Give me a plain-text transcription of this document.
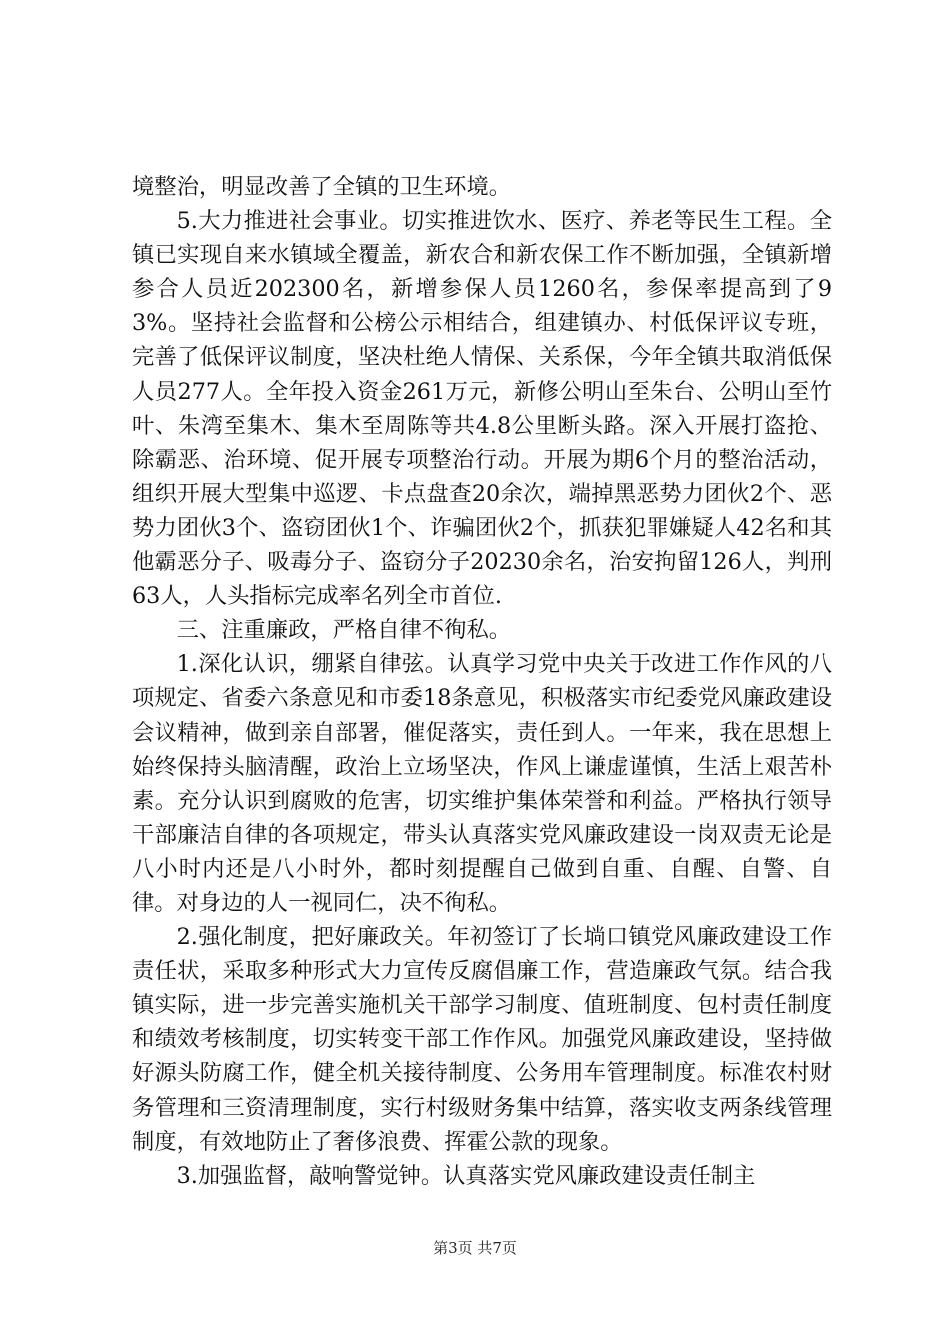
境整治，明显改善了全镇的卫生环境。

5.大力推进社会事业。切实推进饮水、医疗、养老等民生工程。全镇已实现自来水镇域全覆盖，新农合和新农保工作不断加强，全镇新增参合人员近202300名，新增参保人员1260名，参保率提高到了93%。坚持社会监督和公榜公示相结合，组建镇办、村低保评议专班，完善了低保评议制度，坚决杜绝人情保、关系保，今年全镇共取消低保人员277人。全年投入资金261万元，新修公明山至朱台、公明山至竹叶、朱湾至集木、集木至周陈等共4.8公里断头路。深入开展打盗抢、除霸恶、治环境、促开展专项整治行动。开展为期6个月的整治活动，组织开展大型集中巡逻、卡点盘查20余次，端掉黑恶势力团伙2个、恶势力团伙3个、盗窃团伙1个、诈骗团伙2个，抓获犯罪嫌疑人42名和其他霸恶分子、吸毒分子、盗窃分子20230余名，治安拘留126人，判刑63人，人头指标完成率名列全市首位.

三、注重廉政，严格自律不徇私。

1.深化认识，绷紧自律弦。认真学习党中央关于改进工作作风的八项规定、省委六条意见和市委18条意见，积极落实市纪委党风廉政建设会议精神，做到亲自部署，催促落实，责任到人。一年来，我在思想上始终保持头脑清醒，政治上立场坚决，作风上谦虚谨慎，生活上艰苦朴素。充分认识到腐败的危害，切实维护集体荣誉和利益。严格执行领导干部廉洁自律的各项规定，带头认真落实党风廉政建设一岗双责无论是八小时内还是八小时外，都时刻提醒自己做到自重、自醒、自警、自律。对身边的人一视同仁，决不徇私。

2.强化制度，把好廉政关。年初签订了长埫口镇党风廉政建设工作责任状，采取多种形式大力宣传反腐倡廉工作，营造廉政气氛。结合我镇实际，进一步完善实施机关干部学习制度、值班制度、包村责任制度和绩效考核制度，切实转变干部工作作风。加强党风廉政建设，坚持做好源头防腐工作，健全机关接待制度、公务用车管理制度。标准农村财务管理和三资清理制度，实行村级财务集中结算，落实收支两条线管理制度，有效地防止了奢侈浪费、挥霍公款的现象。

3.加强监督，敲响警觉钟。认真落实党风廉政建设责任制主

第3页 共7页
